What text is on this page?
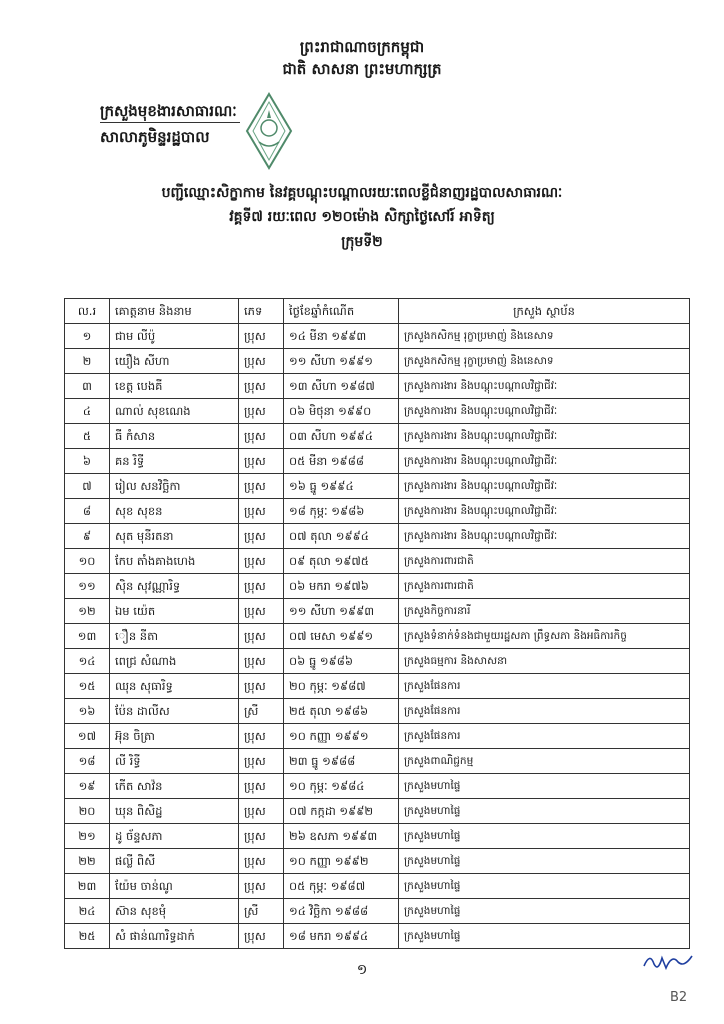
ព្រះរាជាណាចក្រកម្ពុជា
ជាតិ សាសនា ព្រះមហាក្សត្រ
ក្រសួងមុខងារសាធារណៈ
សាលាភូមិន្ទរដ្ឋបាល
បញ្ជីឈ្មោះសិក្ខាកាម នៃវគ្គបណ្តុះបណ្តាលរយៈពេលខ្លីជំនាញរដ្ឋបាលសាធារណៈ
វគ្គទី៧ រយៈពេល ១២០ម៉ោង សិក្សាថ្ងៃសៅរ៍ អាទិត្យ
ក្រុមទី២
ល.រ	គោត្តនាម និងនាម	ភេទ	ថ្ងៃខែឆ្នាំកំណើត	ក្រសួង ស្ថាប័ន
១	ជាម លីប៉ូ	ប្រុស	១៤ មីនា ១៩៩៣	ក្រសួងកសិកម្ម រុក្ខាប្រមាញ់ និងនេសាទ
២	យឿង សីហា	ប្រុស	១១ សីហា ១៩៩១	ក្រសួងកសិកម្ម រុក្ខាប្រមាញ់ និងនេសាទ
៣	ខេត្ត បេងគី	ប្រុស	១៣ សីហា ១៩៨៧	ក្រសួងការងារ និងបណ្តុះបណ្តាលវិជ្ជាជីវៈ
៤	ណាល់ សុខណេង	ប្រុស	០៦ មិថុនា ១៩៩០	ក្រសួងការងារ និងបណ្តុះបណ្តាលវិជ្ជាជីវៈ
៥	ធី កំសាន	ប្រុស	០៣ សីហា ១៩៩៤	ក្រសួងការងារ និងបណ្តុះបណ្តាលវិជ្ជាជីវៈ
៦	គន រិទ្ធី	ប្រុស	០៥ មីនា ១៩៨៨	ក្រសួងការងារ និងបណ្តុះបណ្តាលវិជ្ជាជីវៈ
៧	រៀល សនវិច្ឆិកា	ប្រុស	១៦ ធ្នូ ១៩៩៤	ក្រសួងការងារ និងបណ្តុះបណ្តាលវិជ្ជាជីវៈ
៨	សុខ សុខន	ប្រុស	១៨ កុម្ភៈ ១៩៨៦	ក្រសួងការងារ និងបណ្តុះបណ្តាលវិជ្ជាជីវៈ
៩	សុត មុនីរតនា	ប្រុស	០៧ តុលា ១៩៩៤	ក្រសួងការងារ និងបណ្តុះបណ្តាលវិជ្ជាជីវៈ
១០	កែប តាំងគាងហេង	ប្រុស	០៩ តុលា ១៩៧៥	ក្រសួងការពារជាតិ
១១	ស៊ិន សុវណ្ណារិទ្ធ	ប្រុស	០៦ មករា ១៩៧៦	ក្រសួងការពារជាតិ
១២	ឯម យ៉េត	ប្រុស	១១ សីហា ១៩៩៣	ក្រសួងកិច្ចការនារី
១៣	ឿន នីតា	ប្រុស	០៧ មេសា ១៩៩១	ក្រសួងទំនាក់ទំនងជាមួយរដ្ឋសភា ព្រឹទ្ធសភា និងអធិការកិច្ច
១៤	ពេជ្រ សំណាង	ប្រុស	០៦ ធ្នូ ១៩៨៦	ក្រសួងធម្មការ និងសាសនា
១៥	ឈុន សុធារិទ្ធ	ប្រុស	២០ កុម្ភៈ ១៩៨៧	ក្រសួងផែនការ
១៦	ប៉ែន ដាលីស	ស្រី	២៥ តុលា ១៩៨៦	ក្រសួងផែនការ
១៧	អ៊ុន ចិត្រា	ប្រុស	១០ កញ្ញា ១៩៩១	ក្រសួងផែនការ
១៨	លី រិទ្ធី	ប្រុស	២៣ ធ្នូ ១៩៨៨	ក្រសួងពាណិជ្ជកម្ម
១៩	កើត សាវ៉ន	ប្រុស	១០ កុម្ភៈ ១៩៨៤	ក្រសួងមហាផ្ទៃ
២០	ឃុន ពិសិដ្ឋ	ប្រុស	០៧ កក្កដា ១៩៩២	ក្រសួងមហាផ្ទៃ
២១	ដូ ច័ន្ទសភា	ប្រុស	២៦ ឧសភា ១៩៩៣	ក្រសួងមហាផ្ទៃ
២២	ផល្លី ពិសី	ប្រុស	១០ កញ្ញា ១៩៩២	ក្រសួងមហាផ្ទៃ
២៣	យ៉ែម ចាន់ណូ	ប្រុស	០៥ កុម្ភៈ ១៩៨៧	ក្រសួងមហាផ្ទៃ
២៤	ស៊ាន សុខមុំ	ស្រី	១៤ វិច្ឆិកា ១៩៨៨	ក្រសួងមហាផ្ទៃ
២៥	សំ ផាន់ណារិទ្ធដាក់	ប្រុស	១៨ មករា ១៩៩៤	ក្រសួងមហាផ្ទៃ
១
B2
